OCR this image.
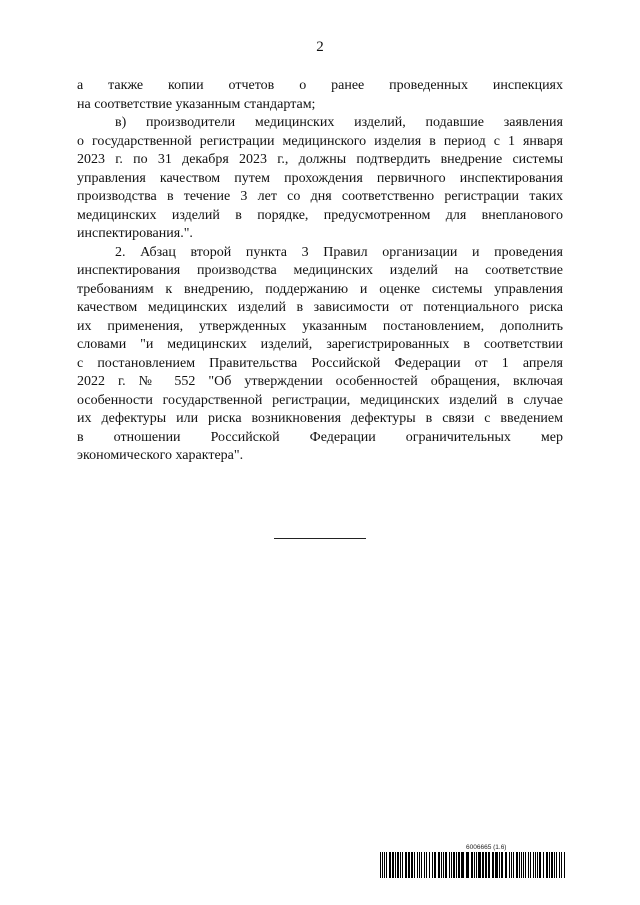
2
а также копии отчетов о ранее проведенных инспекциях
на соответствие указанным стандартам;
в) производители медицинских изделий, подавшие заявления
о государственной регистрации медицинского изделия в период с 1 января
2023 г. по 31 декабря 2023 г., должны подтвердить внедрение системы
управления качеством путем прохождения первичного инспектирования
производства в течение 3 лет со дня соответственно регистрации таких
медицинских изделий в порядке, предусмотренном для внепланового
инспектирования.".
2. Абзац второй пункта 3 Правил организации и проведения
инспектирования производства медицинских изделий на соответствие
требованиям к внедрению, поддержанию и оценке системы управления
качеством медицинских изделий в зависимости от потенциального риска
их применения, утвержденных указанным постановлением, дополнить
словами "и медицинских изделий, зарегистрированных в соответствии
с постановлением Правительства Российской Федерации от 1 апреля
2022 г. № 552 "Об утверждении особенностей обращения, включая
особенности государственной регистрации, медицинских изделий в случае
их дефектуры или риска возникновения дефектуры в связи с введением
в отношении Российской Федерации ограничительных мер
экономического характера".
6006665 (1.6)
